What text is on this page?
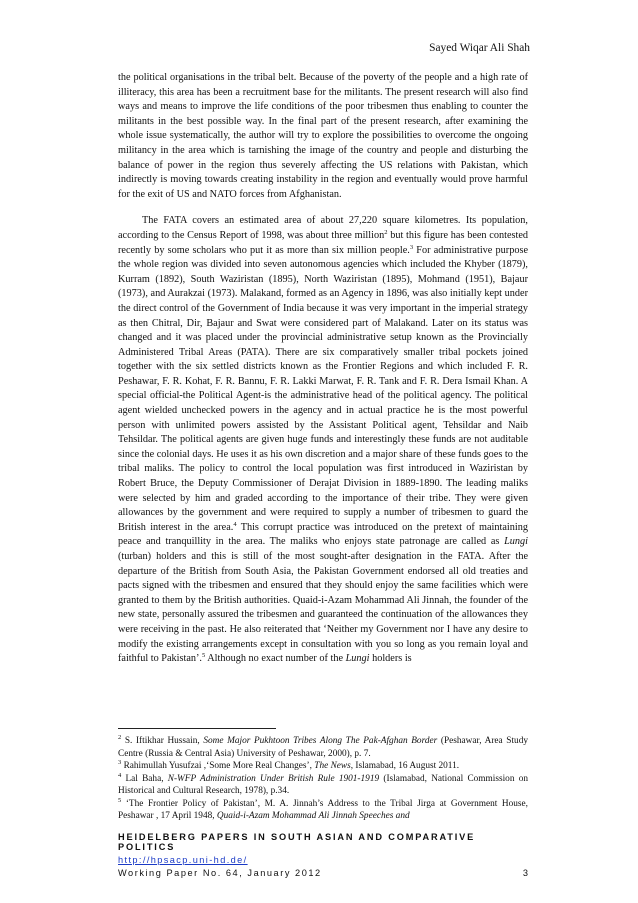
Sayed Wiqar Ali Shah

the political organisations in the tribal belt. Because of the poverty of the people and a high rate of illiteracy, this area has been a recruitment base for the militants. The present research will also find ways and means to improve the life conditions of the poor tribesmen thus enabling to counter the militants in the best possible way. In the final part of the present research, after examining the whole issue systematically, the author will try to explore the possibilities to overcome the ongoing militancy in the area which is tarnishing the image of the country and people and disturbing the balance of power in the region thus severely affecting the US relations with Pakistan, which indirectly is moving towards creating instability in the region and eventually would prove harmful for the exit of US and NATO forces from Afghanistan.

The FATA covers an estimated area of about 27,220 square kilometres. Its population, according to the Census Report of 1998, was about three million$^2$ but this figure has been contested recently by some scholars who put it as more than six million people.$^3$ For administrative purpose the whole region was divided into seven autonomous agencies which included the Khyber (1879), Kurram (1892), South Waziristan (1895), North Waziristan (1895), Mohmand (1951), Bajaur (1973), and Aurakzai (1973). Malakand, formed as an Agency in 1896, was also initially kept under the direct control of the Government of India because it was very important in the imperial strategy as then Chitral, Dir, Bajaur and Swat were considered part of Malakand. Later on its status was changed and it was placed under the provincial administrative setup known as the Provincially Administered Tribal Areas (PATA). There are six comparatively smaller tribal pockets joined together with the six settled districts known as the Frontier Regions and which included F. R. Peshawar, F. R. Kohat, F. R. Bannu, F. R. Lakki Marwat, F. R. Tank and F. R. Dera Ismail Khan. A special official-the Political Agent-is the administrative head of the political agency. The political agent wielded unchecked powers in the agency and in actual practice he is the most powerful person with unlimited powers assisted by the Assistant Political agent, Tehsildar and Naib Tehsildar. The political agents are given huge funds and interestingly these funds are not auditable since the colonial days. He uses it as his own discretion and a major share of these funds goes to the tribal maliks. The policy to control the local population was first introduced in Waziristan by Robert Bruce, the Deputy Commissioner of Derajat Division in 1889-1890. The leading maliks were selected by him and graded according to the importance of their tribe. They were given allowances by the government and were required to supply a number of tribesmen to guard the British interest in the area.$^4$ This corrupt practice was introduced on the pretext of maintaining peace and tranquillity in the area. The maliks who enjoys state patronage are called as Lungi (turban) holders and this is still of the most sought-after designation in the FATA. After the departure of the British from South Asia, the Pakistan Government endorsed all old treaties and pacts signed with the tribesmen and ensured that they should enjoy the same facilities which were granted to them by the British authorities. Quaid-i-Azam Mohammad Ali Jinnah, the founder of the new state, personally assured the tribesmen and guaranteed the continuation of the allowances they were receiving in the past. He also reiterated that ‘Neither my Government nor I have any desire to modify the existing arrangements except in consultation with you so long as you remain loyal and faithful to Pakistan’.$^5$ Although no exact number of the Lungi holders is

$^2$ S. Iftikhar Hussain, Some Major Pukhtoon Tribes Along The Pak-Afghan Border (Peshawar, Area Study Centre (Russia & Central Asia) University of Peshawar, 2000), p. 7.

$^3$ Rahimullah Yusufzai ,‘Some More Real Changes’, The News, Islamabad, 16 August 2011.

$^4$ Lal Baha, N-WFP Administration Under British Rule 1901-1919 (Islamabad, National Commission on Historical and Cultural Research, 1978), p.34.

$^5$ ‘The Frontier Policy of Pakistan’, M. A. Jinnah’s Address to the Tribal Jirga at Government House, Peshawar , 17 April 1948, Quaid-i-Azam Mohammad Ali Jinnah Speeches and

HEIDELBERG PAPERS IN SOUTH ASIAN AND COMPARATIVE POLITICS
http://hpsacp.uni-hd.de/
Working Paper No. 64, January 2012	3
